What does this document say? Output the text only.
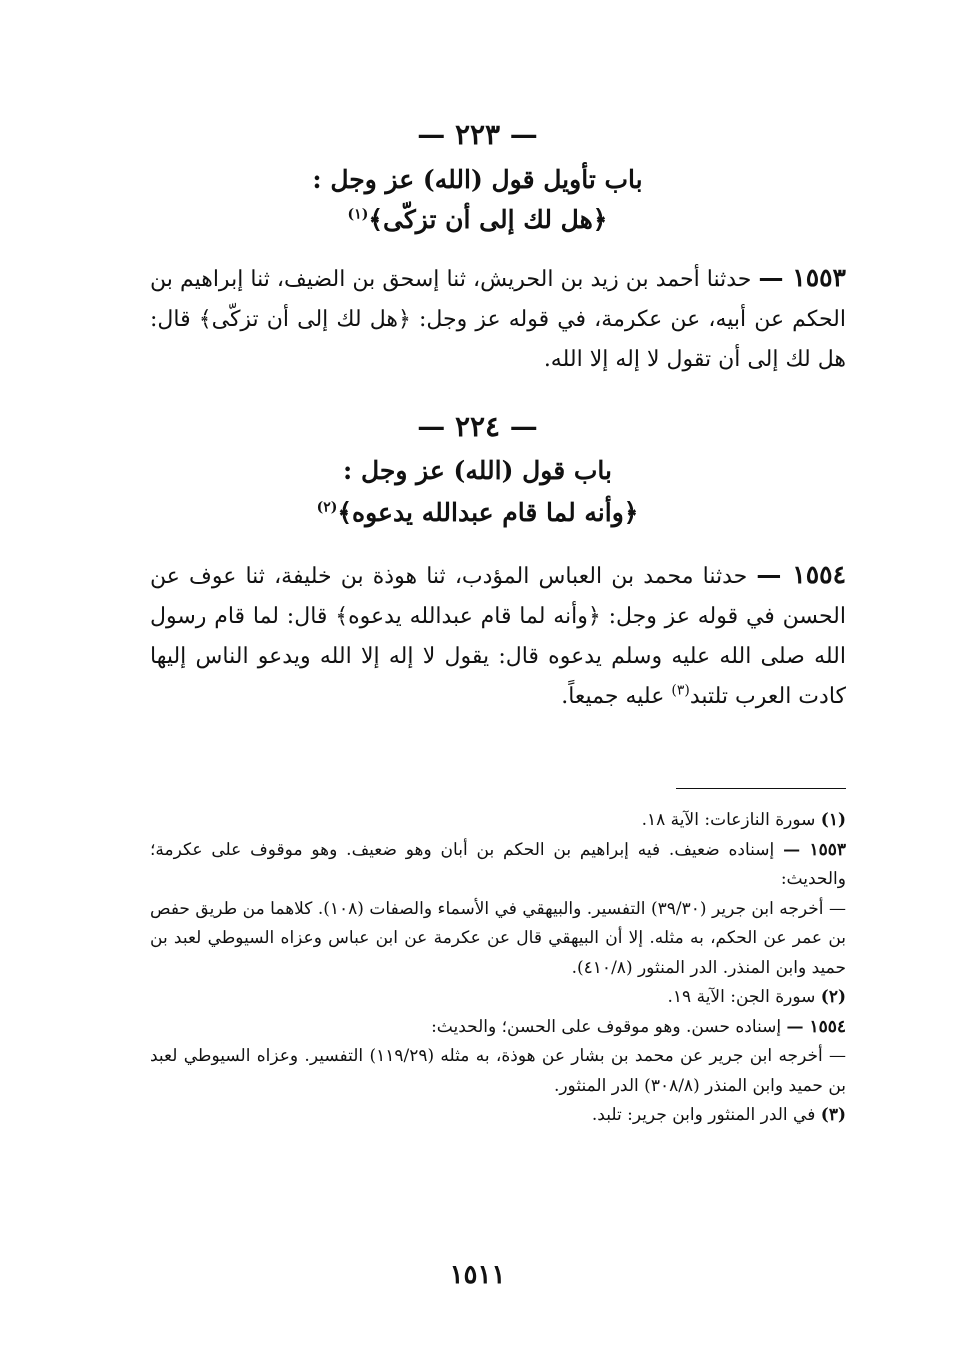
— ٢٢٣ —
باب تأويل قول (الله) عز وجل :
﴿هل لك إلى أن تزكّى﴾$^{(١)}$
١٥٥٣ — حدثنا أحمد بن زيد بن الحريش، ثنا إسحق بن الضيف، ثنا إبراهيم بن الحكم عن أبيه، عن عكرمة، في قوله عز وجل: ﴿هل لك إلى أن تزكّى﴾ قال: هل لك إلى أن تقول لا إله إلا الله.
— ٢٢٤ —
باب قول (الله) عز وجل :
﴿وأنه لما قام عبدالله يدعوه﴾$^{(٢)}$
١٥٥٤ — حدثنا محمد بن العباس المؤدب، ثنا هوذة بن خليفة، ثنا عوف عن الحسن في قوله عز وجل: ﴿وأنه لما قام عبدالله يدعوه﴾ قال: لما قام رسول الله صلى الله عليه وسلم يدعوه قال: يقول لا إله إلا الله ويدعو الناس إليها كادت العرب تلتبد$^{(٣)}$ عليه جميعاً.
(١) سورة النازعات: الآية ١٨.
١٥٥٣ — إسناده ضعيف. فيه إبراهيم بن الحكم بن أبان وهو ضعيف. وهو موقوف على عكرمة؛ والحديث:
— أخرجه ابن جرير (٣٩/٣٠) التفسير. والبيهقي في الأسماء والصفات (١٠٨). كلاهما من طريق حفص بن عمر عن الحكم، به مثله. إلا أن البيهقي قال عن عكرمة عن ابن عباس وعزاه السيوطي لعبد بن حميد وابن المنذر. الدر المنثور (٤١٠/٨).
(٢) سورة الجن: الآية ١٩.
١٥٥٤ — إسناده حسن. وهو موقوف على الحسن؛ والحديث:
— أخرجه ابن جرير عن محمد بن بشار عن هوذة، به مثله (١١٩/٢٩) التفسير. وعزاه السيوطي لعبد بن حميد وابن المنذر (٣٠٨/٨) الدر المنثور.
(٣) في الدر المنثور وابن جرير: تلبد.
١٥١١
